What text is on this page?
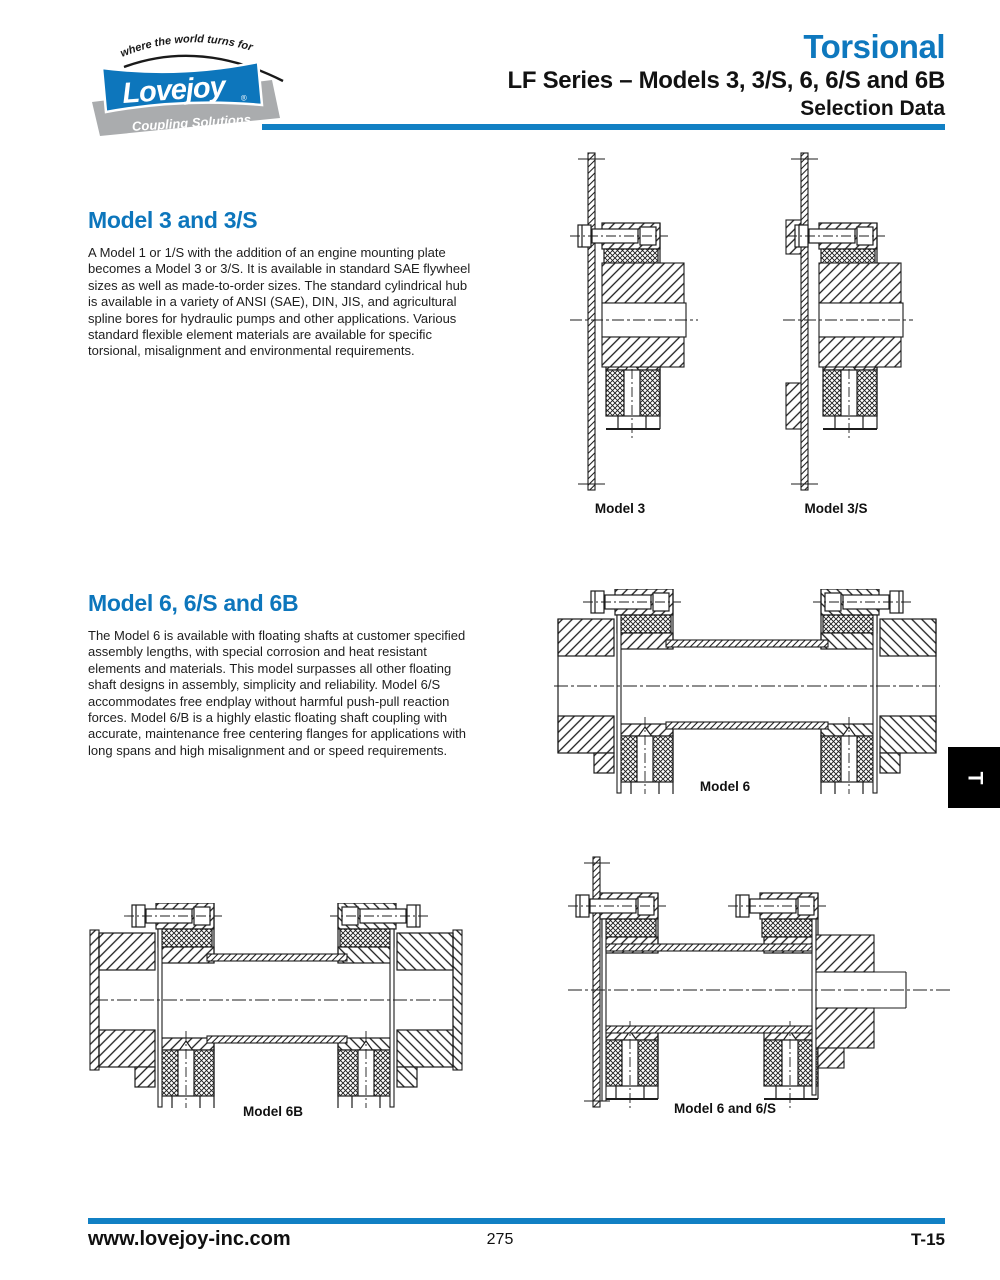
where the world turns for
Lovejoy	®
Coupling Solutions
Torsional
LF Series – Models 3, 3/S, 6, 6/S and 6B
Selection Data
Model 3 and 3/S
A Model 1 or 1/S with the addition of an engine mounting plate becomes a Model 3 or 3/S. It is available in standard SAE flywheel sizes as well as made-to-order sizes. The standard cylindrical hub is available in a variety of ANSI (SAE), DIN, JIS, and agricultural spline bores for hydraulic pumps and other applications. Various standard flexible element materials are available for specific torsional, misalignment and environmental requirements.
Model 6, 6/S and 6B
The Model 6 is available with floating shafts at customer specified assembly lengths, with special corrosion and heat resistant elements and materials. This model surpasses all other floating shaft designs in assembly, simplicity and reliability. Model 6/S accommodates free endplay without harmful push-pull reaction forces. Model 6/B is a highly elastic floating shaft coupling with accurate, maintenance free centering flanges for applications with long spans and high misalignment and or speed requirements.
Model 3	Model 3/S
Model 6
Model 6B	Model 6 and 6/S
T
www.lovejoy-inc.com	275	T-15
